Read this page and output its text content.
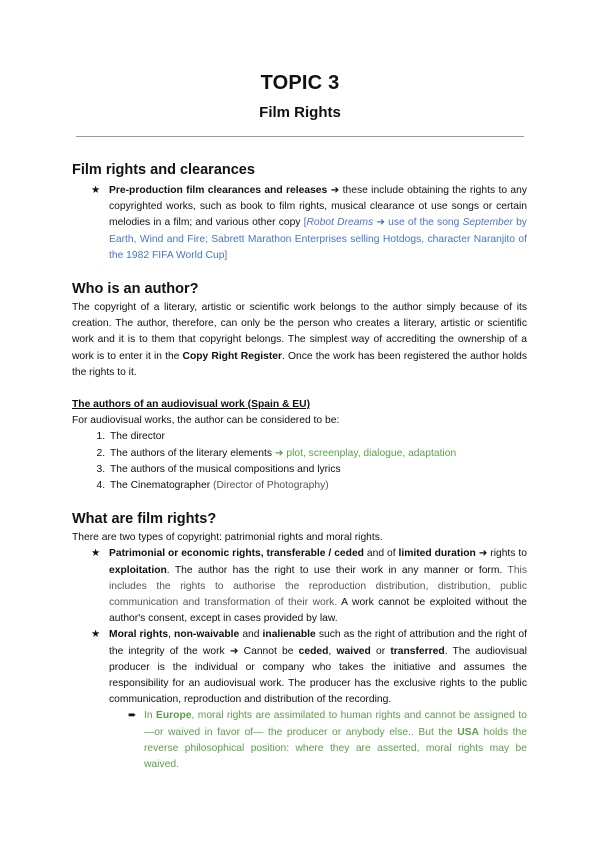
TOPIC 3
Film Rights
Film rights and clearances
★ Pre-production film clearances and releases ➜ these include obtaining the rights to any copyrighted works, such as book to film rights, musical clearance ot use songs or certain melodies in a film; and various other copy [Robot Dreams ➜ use of the song September by Earth, Wind and Fire; Sabrett Marathon Enterprises selling Hotdogs, character Naranjito of the 1982 FIFA World Cup]
Who is an author?
The copyright of a literary, artistic or scientific work belongs to the author simply because of its creation. The author, therefore, can only be the person who creates a literary, artistic or scientific work and it is to them that copyright belongs. The simplest way of accrediting the ownership of a work is to enter it in the Copy Right Register. Once the work has been registered the author holds the rights to it.
The authors of an audiovisual work (Spain & EU)
For audiovisual works, the author can be considered to be:
1. The director
2. The authors of the literary elements ➜ plot, screenplay, dialogue, adaptation
3. The authors of the musical compositions and lyrics
4. The Cinematographer (Director of Photography)
What are film rights?
There are two types of copyright: patrimonial rights and moral rights.
★ Patrimonial or economic rights, transferable / ceded and of limited duration ➜ rights to exploitation. The author has the right to use their work in any manner or form. This includes the rights to authorise the reproduction distribution, distribution, public communication and transformation of their work. A work cannot be exploited without the author's consent, except in cases provided by law.
★ Moral rights, non-waivable and inalienable such as the right of attribution and the right of the integrity of the work ➜ Cannot be ceded, waived or transferred. The audiovisual producer is the individual or company who takes the initiative and assumes the responsibility for an audiovisual work. The producer has the exclusive rights to the public communication, reproduction and distribution of the recording.
➨ In Europe, moral rights are assimilated to human rights and cannot be assigned to —or waived in favor of— the producer or anybody else.. But the USA holds the reverse philosophical position: where they are asserted, moral rights may be waived.
